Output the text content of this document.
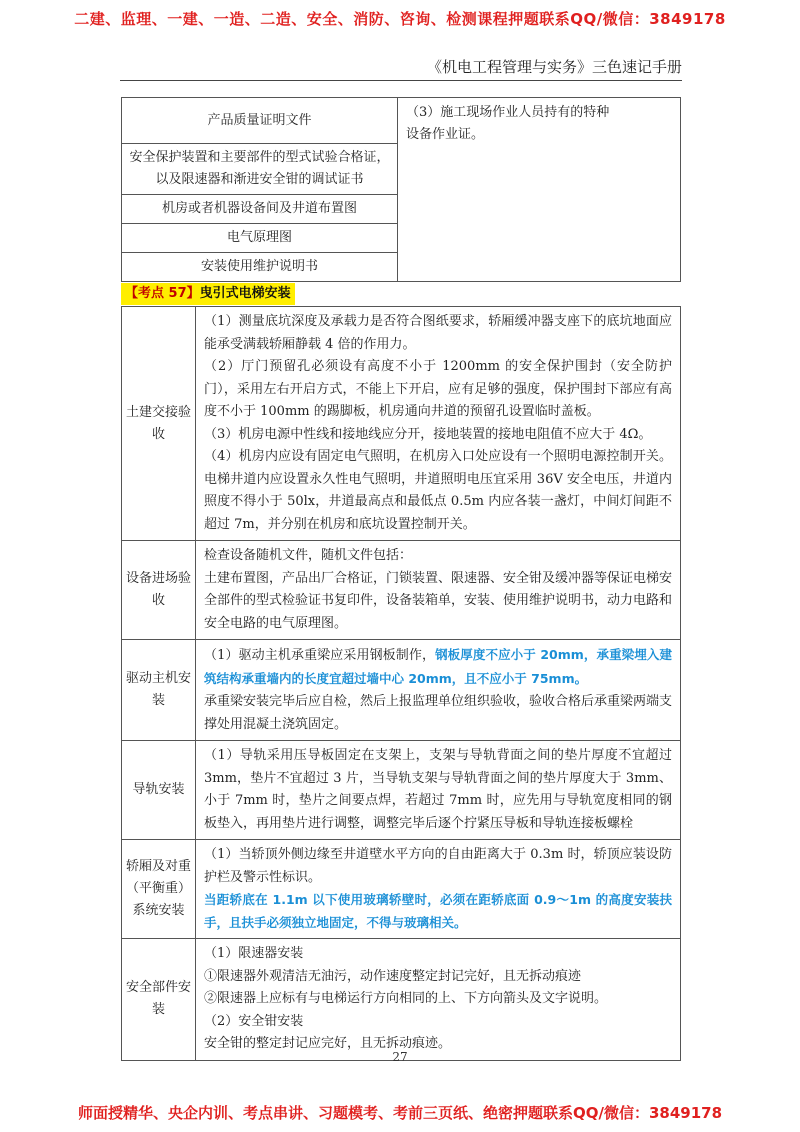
二建、监理、一建、一造、二造、安全、消防、咨询、检测课程押题联系QQ/微信：3849178
《机电工程管理与实务》三色速记手册
产品质量证明文件	（3）施工现场作业人员持有的特种
设备作业证。

安全保护装置和主要部件的型式试验合格证，以及限速器和渐进安全钳的调试证书
机房或者机器设备间及井道布置图
电气原理图
安装使用维护说明书
【考点 57】曳引式电梯安装
土建交接验收	（1）测量底坑深度及承载力是否符合图纸要求，轿厢缓冲器支座下的底坑地面应能承受满载轿厢静载 4 倍的作用力。

（2）厅门预留孔必须设有高度不小于 1200mm 的安全保护围封（安全防护门），采用左右开启方式，不能上下开启，应有足够的强度，保护围封下部应有高度不小于 100mm 的踢脚板，机房通向井道的预留孔设置临时盖板。

（3）机房电源中性线和接地线应分开，接地装置的接地电阻值不应大于 4Ω。

（4）机房内应设有固定电气照明，在机房入口处应设有一个照明电源控制开关。电梯井道内应设置永久性电气照明，井道照明电压宜采用 36V 安全电压，井道内照度不得小于 50lx，井道最高点和最低点 0.5m 内应各装一盏灯，中间灯间距不超过 7m，并分别在机房和底坑设置控制开关。

设备进场验收	检查设备随机文件，随机文件包括：

土建布置图，产品出厂合格证，门锁装置、限速器、安全钳及缓冲器等保证电梯安全部件的型式检验证书复印件，设备装箱单，安装、使用维护说明书，动力电路和安全电路的电气原理图。

驱动主机安装	（1）驱动主机承重梁应采用钢板制作，钢板厚度不应小于 20mm，承重梁埋入建筑结构承重墙内的长度宜超过墙中心 20mm，且不应小于 75mm。

承重梁安装完毕后应自检，然后上报监理单位组织验收，验收合格后承重梁两端支撑处用混凝土浇筑固定。

导轨安装	（1）导轨采用压导板固定在支架上，支架与导轨背面之间的垫片厚度不宜超过 3mm，垫片不宜超过 3 片，当导轨支架与导轨背面之间的垫片厚度大于 3mm、小于 7mm 时，垫片之间要点焊，若超过 7mm 时，应先用与导轨宽度相同的钢板垫入，再用垫片进行调整，调整完毕后逐个拧紧压导板和导轨连接板螺栓

轿厢及对重（平衡重）系统安装	（1）当轿顶外侧边缘至井道壁水平方向的自由距离大于 0.3m 时，轿顶应装设防护栏及警示性标识。

当距轿底在 1.1m 以下使用玻璃轿壁时，必须在距轿底面 0.9～1m 的高度安装扶手，且扶手必须独立地固定，不得与玻璃相关。

安全部件安装	（1）限速器安装

①限速器外观清洁无油污，动作速度整定封记完好，且无拆动痕迹

②限速器上应标有与电梯运行方向相同的上、下方向箭头及文字说明。

（2）安全钳安装

安全钳的整定封记应完好，且无拆动痕迹。

27
师面授精华、央企内训、考点串讲、习题模考、考前三页纸、绝密押题联系QQ/微信：3849178
